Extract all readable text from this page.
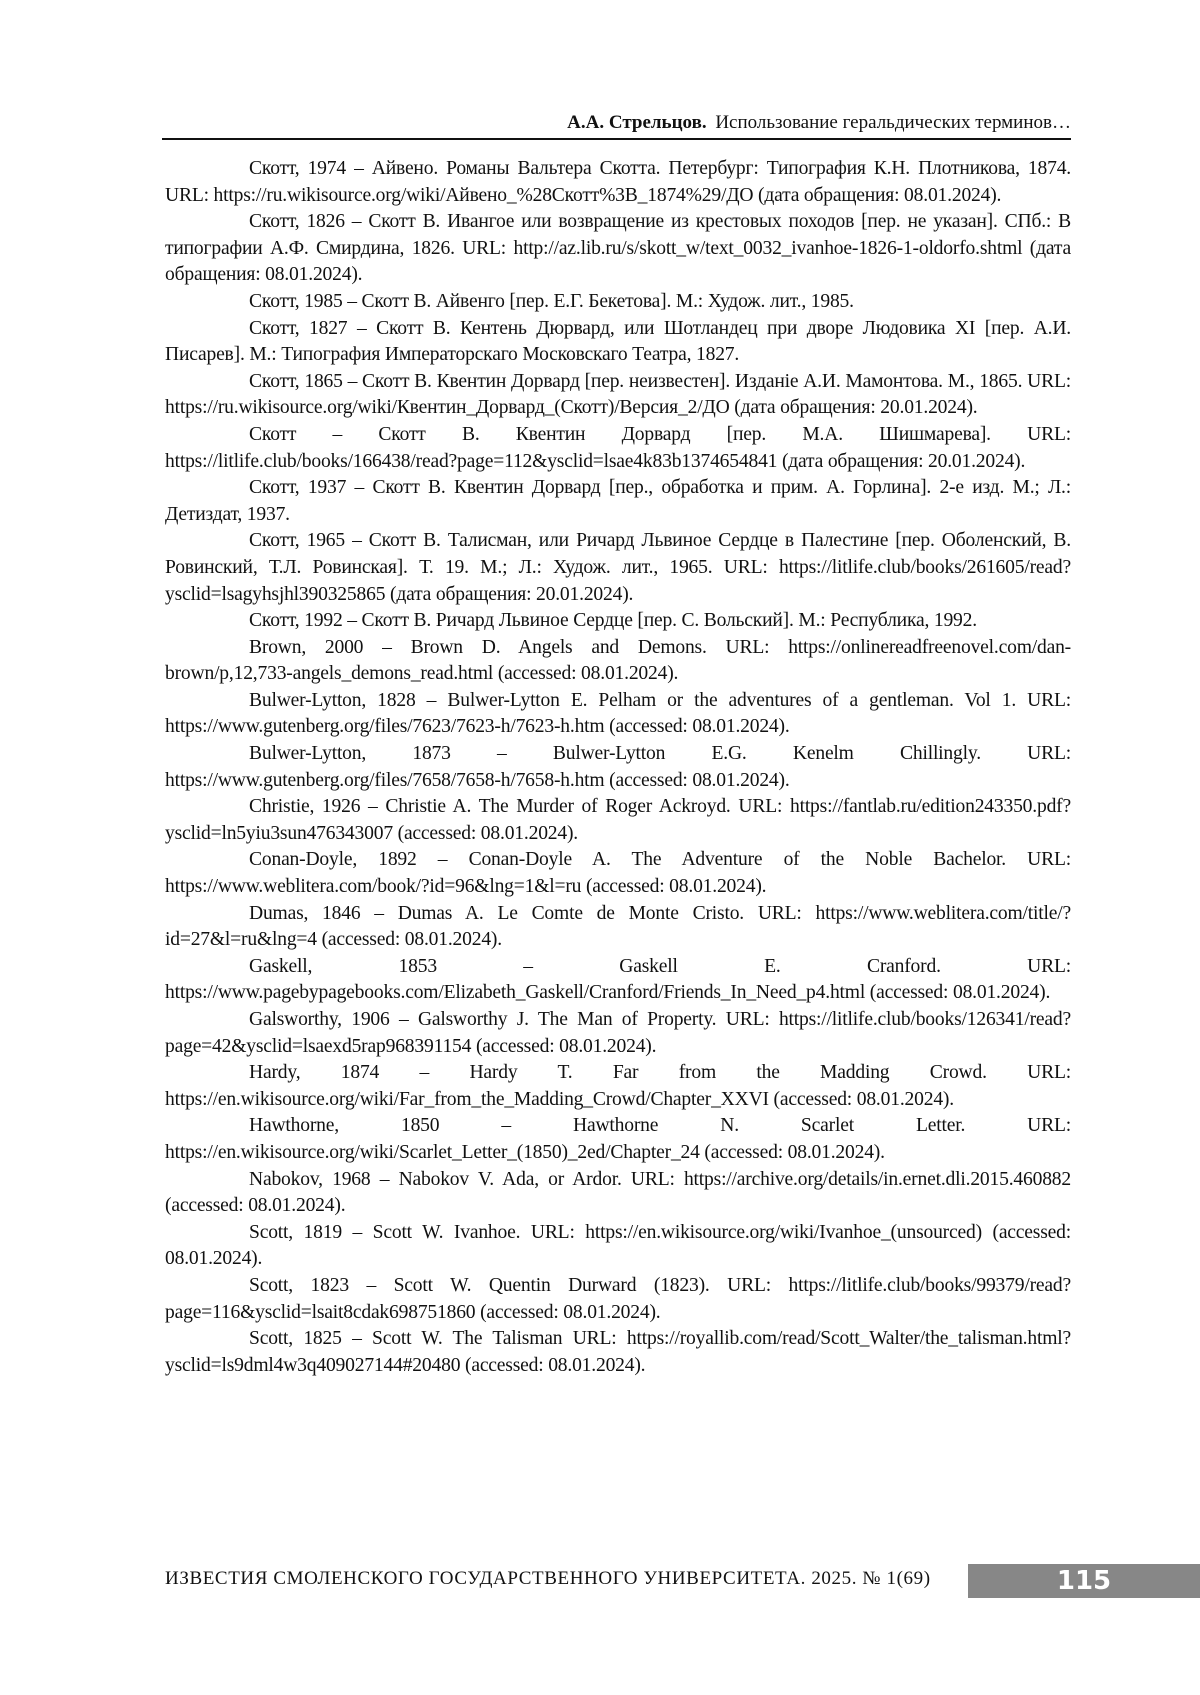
А.А. Стрельцов. Использование геральдических терминов…

Скотт, 1974 – Айвено. Романы Вальтера Скотта. Петербург: Типография К.Н. Плотникова, 1874. URL: https://ru.wikisource.org/wiki/Айвено_%28Скотт%3B_1874%29/ДО (дата обращения: 08.01.2024).

Скотт, 1826 – Скотт В. Ивангое или возвращение из крестовых походов [пер. не указан]. СПб.: В типографии А.Ф. Смирдина, 1826. URL: http://az.lib.ru/s/skott_w/text_0032_ivanhoe-1826-1-oldorfo.shtml (дата обращения: 08.01.2024).

Скотт, 1985 – Скотт В. Айвенго [пер. Е.Г. Бекетова]. М.: Худож. лит., 1985.

Скотт, 1827 – Скотт В. Кентень Дюрвард, или Шотландец при дворе Людовика XI [пер. А.И. Писарев]. М.: Типография Императорскаго Московскаго Театра, 1827.

Скотт, 1865 – Скотт В. Квентин Дорвард [пер. неизвестен]. Изданіе А.И. Мамонтова. М., 1865. URL: https://ru.wikisource.org/wiki/Квентин_Дорвард_(Скотт)/Версия_2/ДО (дата обращения: 20.01.2024).

Скотт – Скотт В. Квентин Дорвард [пер. М.А. Шишмарева]. URL: https://litlife.club/books/166438/read?page=112&ysclid=lsae4k83b1374654841 (дата обращения: 20.01.2024).

Скотт, 1937 – Скотт В. Квентин Дорвард [пер., обработка и прим. А. Горлина]. 2-е изд. М.; Л.: Детиздат, 1937.

Скотт, 1965 – Скотт В. Талисман, или Ричард Львиное Сердце в Палестине [пер. Оболенский, В. Ровинский, Т.Л. Ровинская]. Т. 19. М.; Л.: Худож. лит., 1965. URL: https://litlife.club/books/261605/read?ysclid=lsagyhsjhl390325865 (дата обращения: 20.01.2024).

Скотт, 1992 – Скотт В. Ричард Львиное Сердце [пер. С. Вольский]. М.: Республика, 1992.

Brown, 2000 – Brown D. Angels and Demons. URL: https://onlinereadfreenovel.com/dan-brown/p,12,733-angels_demons_read.html (accessed: 08.01.2024).

Bulwer-Lytton, 1828 – Bulwer-Lytton E. Pelham or the adventures of a gentleman. Vol 1. URL: https://www.gutenberg.org/files/7623/7623-h/7623-h.htm (accessed: 08.01.2024).

Bulwer-Lytton, 1873 – Bulwer-Lytton E.G. Kenelm Chillingly. URL: https://www.gutenberg.org/files/7658/7658-h/7658-h.htm (accessed: 08.01.2024).

Christie, 1926 – Christie A. The Murder of Roger Ackroyd. URL: https://fantlab.ru/edition243350.pdf?ysclid=ln5yiu3sun476343007 (accessed: 08.01.2024).

Conan-Doyle, 1892 – Conan-Doyle A. The Adventure of the Noble Bachelor. URL: https://www.weblitera.com/book/?id=96&lng=1&l=ru (accessed: 08.01.2024).

Dumas, 1846 – Dumas A. Le Comte de Monte Cristo. URL: https://www.weblitera.com/title/?id=27&l=ru&lng=4 (accessed: 08.01.2024).

Gaskell, 1853 – Gaskell E. Cranford. URL: https://www.pagebypagebooks.com/Elizabeth_Gaskell/Cranford/Friends_In_Need_p4.html (accessed: 08.01.2024).

Galsworthy, 1906 – Galsworthy J. The Man of Property. URL: https://litlife.club/books/126341/read?page=42&ysclid=lsaexd5rap968391154 (accessed: 08.01.2024).

Hardy, 1874 – Hardy T. Far from the Madding Crowd. URL: https://en.wikisource.org/wiki/Far_from_the_Madding_Crowd/Chapter_XXVI (accessed: 08.01.2024).

Hawthorne, 1850 – Hawthorne N. Scarlet Letter. URL: https://en.wikisource.org/wiki/Scarlet_Letter_(1850)_2ed/Chapter_24 (accessed: 08.01.2024).

Nabokov, 1968 – Nabokov V. Ada, or Ardor. URL: https://archive.org/details/in.ernet.dli.2015.460882 (accessed: 08.01.2024).

Scott, 1819 – Scott W. Ivanhoe. URL: https://en.wikisource.org/wiki/Ivanhoe_(unsourced) (accessed: 08.01.2024).

Scott, 1823 – Scott W. Quentin Durward (1823). URL: https://litlife.club/books/99379/read?page=116&ysclid=lsait8cdak698751860 (accessed: 08.01.2024).

Scott, 1825 – Scott W. The Talisman URL: https://royallib.com/read/Scott_Walter/the_talisman.html?ysclid=ls9dml4w3q409027144#20480 (accessed: 08.01.2024).

ИЗВЕСТИЯ СМОЛЕНСКОГО ГОСУДАРСТВЕННОГО УНИВЕРСИТЕТА. 2025. № 1(69)	115
